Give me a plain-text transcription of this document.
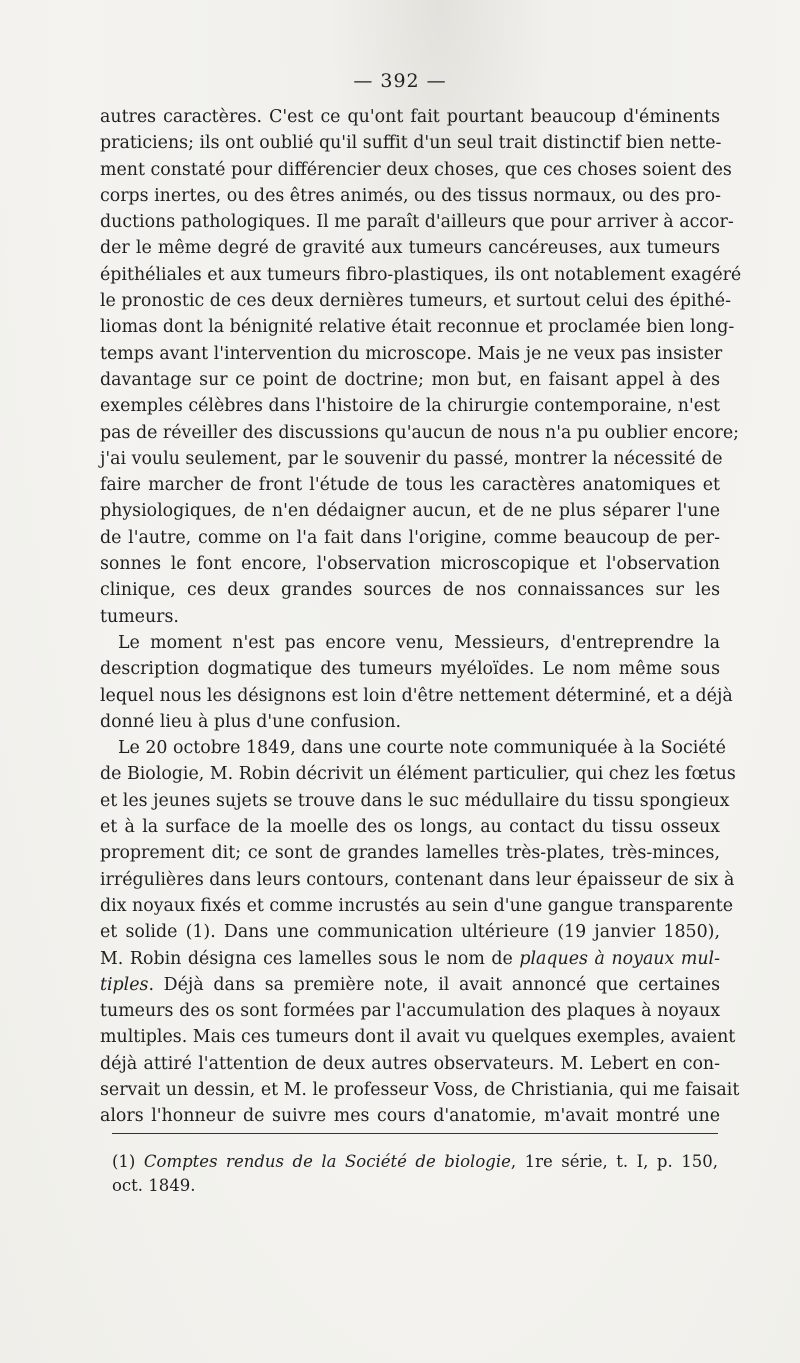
— 392 —
autres caractères. C'est ce qu'ont fait pourtant beaucoup d'éminents
praticiens; ils ont oublié qu'il suffit d'un seul trait distinctif bien nette-
ment constaté pour différencier deux choses, que ces choses soient des
corps inertes, ou des êtres animés, ou des tissus normaux, ou des pro-
ductions pathologiques. Il me paraît d'ailleurs que pour arriver à accor-
der le même degré de gravité aux tumeurs cancéreuses, aux tumeurs
épithéliales et aux tumeurs fibro-plastiques, ils ont notablement exagéré
le pronostic de ces deux dernières tumeurs, et surtout celui des épithé-
liomas dont la bénignité relative était reconnue et proclamée bien long-
temps avant l'intervention du microscope. Mais je ne veux pas insister
davantage sur ce point de doctrine; mon but, en faisant appel à des
exemples célèbres dans l'histoire de la chirurgie contemporaine, n'est
pas de réveiller des discussions qu'aucun de nous n'a pu oublier encore;
j'ai voulu seulement, par le souvenir du passé, montrer la nécessité de
faire marcher de front l'étude de tous les caractères anatomiques et
physiologiques, de n'en dédaigner aucun, et de ne plus séparer l'une
de l'autre, comme on l'a fait dans l'origine, comme beaucoup de per-
sonnes le font encore, l'observation microscopique et l'observation
clinique, ces deux grandes sources de nos connaissances sur les
tumeurs.
Le moment n'est pas encore venu, Messieurs, d'entreprendre la
description dogmatique des tumeurs myéloïdes. Le nom même sous
lequel nous les désignons est loin d'être nettement déterminé, et a déjà
donné lieu à plus d'une confusion.
Le 20 octobre 1849, dans une courte note communiquée à la Société
de Biologie, M. Robin décrivit un élément particulier, qui chez les fœtus
et les jeunes sujets se trouve dans le suc médullaire du tissu spongieux
et à la surface de la moelle des os longs, au contact du tissu osseux
proprement dit; ce sont de grandes lamelles très-plates, très-minces,
irrégulières dans leurs contours, contenant dans leur épaisseur de six à
dix noyaux fixés et comme incrustés au sein d'une gangue transparente
et solide (1). Dans une communication ultérieure (19 janvier 1850),
M. Robin désigna ces lamelles sous le nom de plaques à noyaux mul-
tiples. Déjà dans sa première note, il avait annoncé que certaines
tumeurs des os sont formées par l'accumulation des plaques à noyaux
multiples. Mais ces tumeurs dont il avait vu quelques exemples, avaient
déjà attiré l'attention de deux autres observateurs. M. Lebert en con-
servait un dessin, et M. le professeur Voss, de Christiania, qui me faisait
alors l'honneur de suivre mes cours d'anatomie, m'avait montré une
(1) Comptes rendus de la Société de biologie, 1re série, t. I, p. 150,
oct. 1849.
